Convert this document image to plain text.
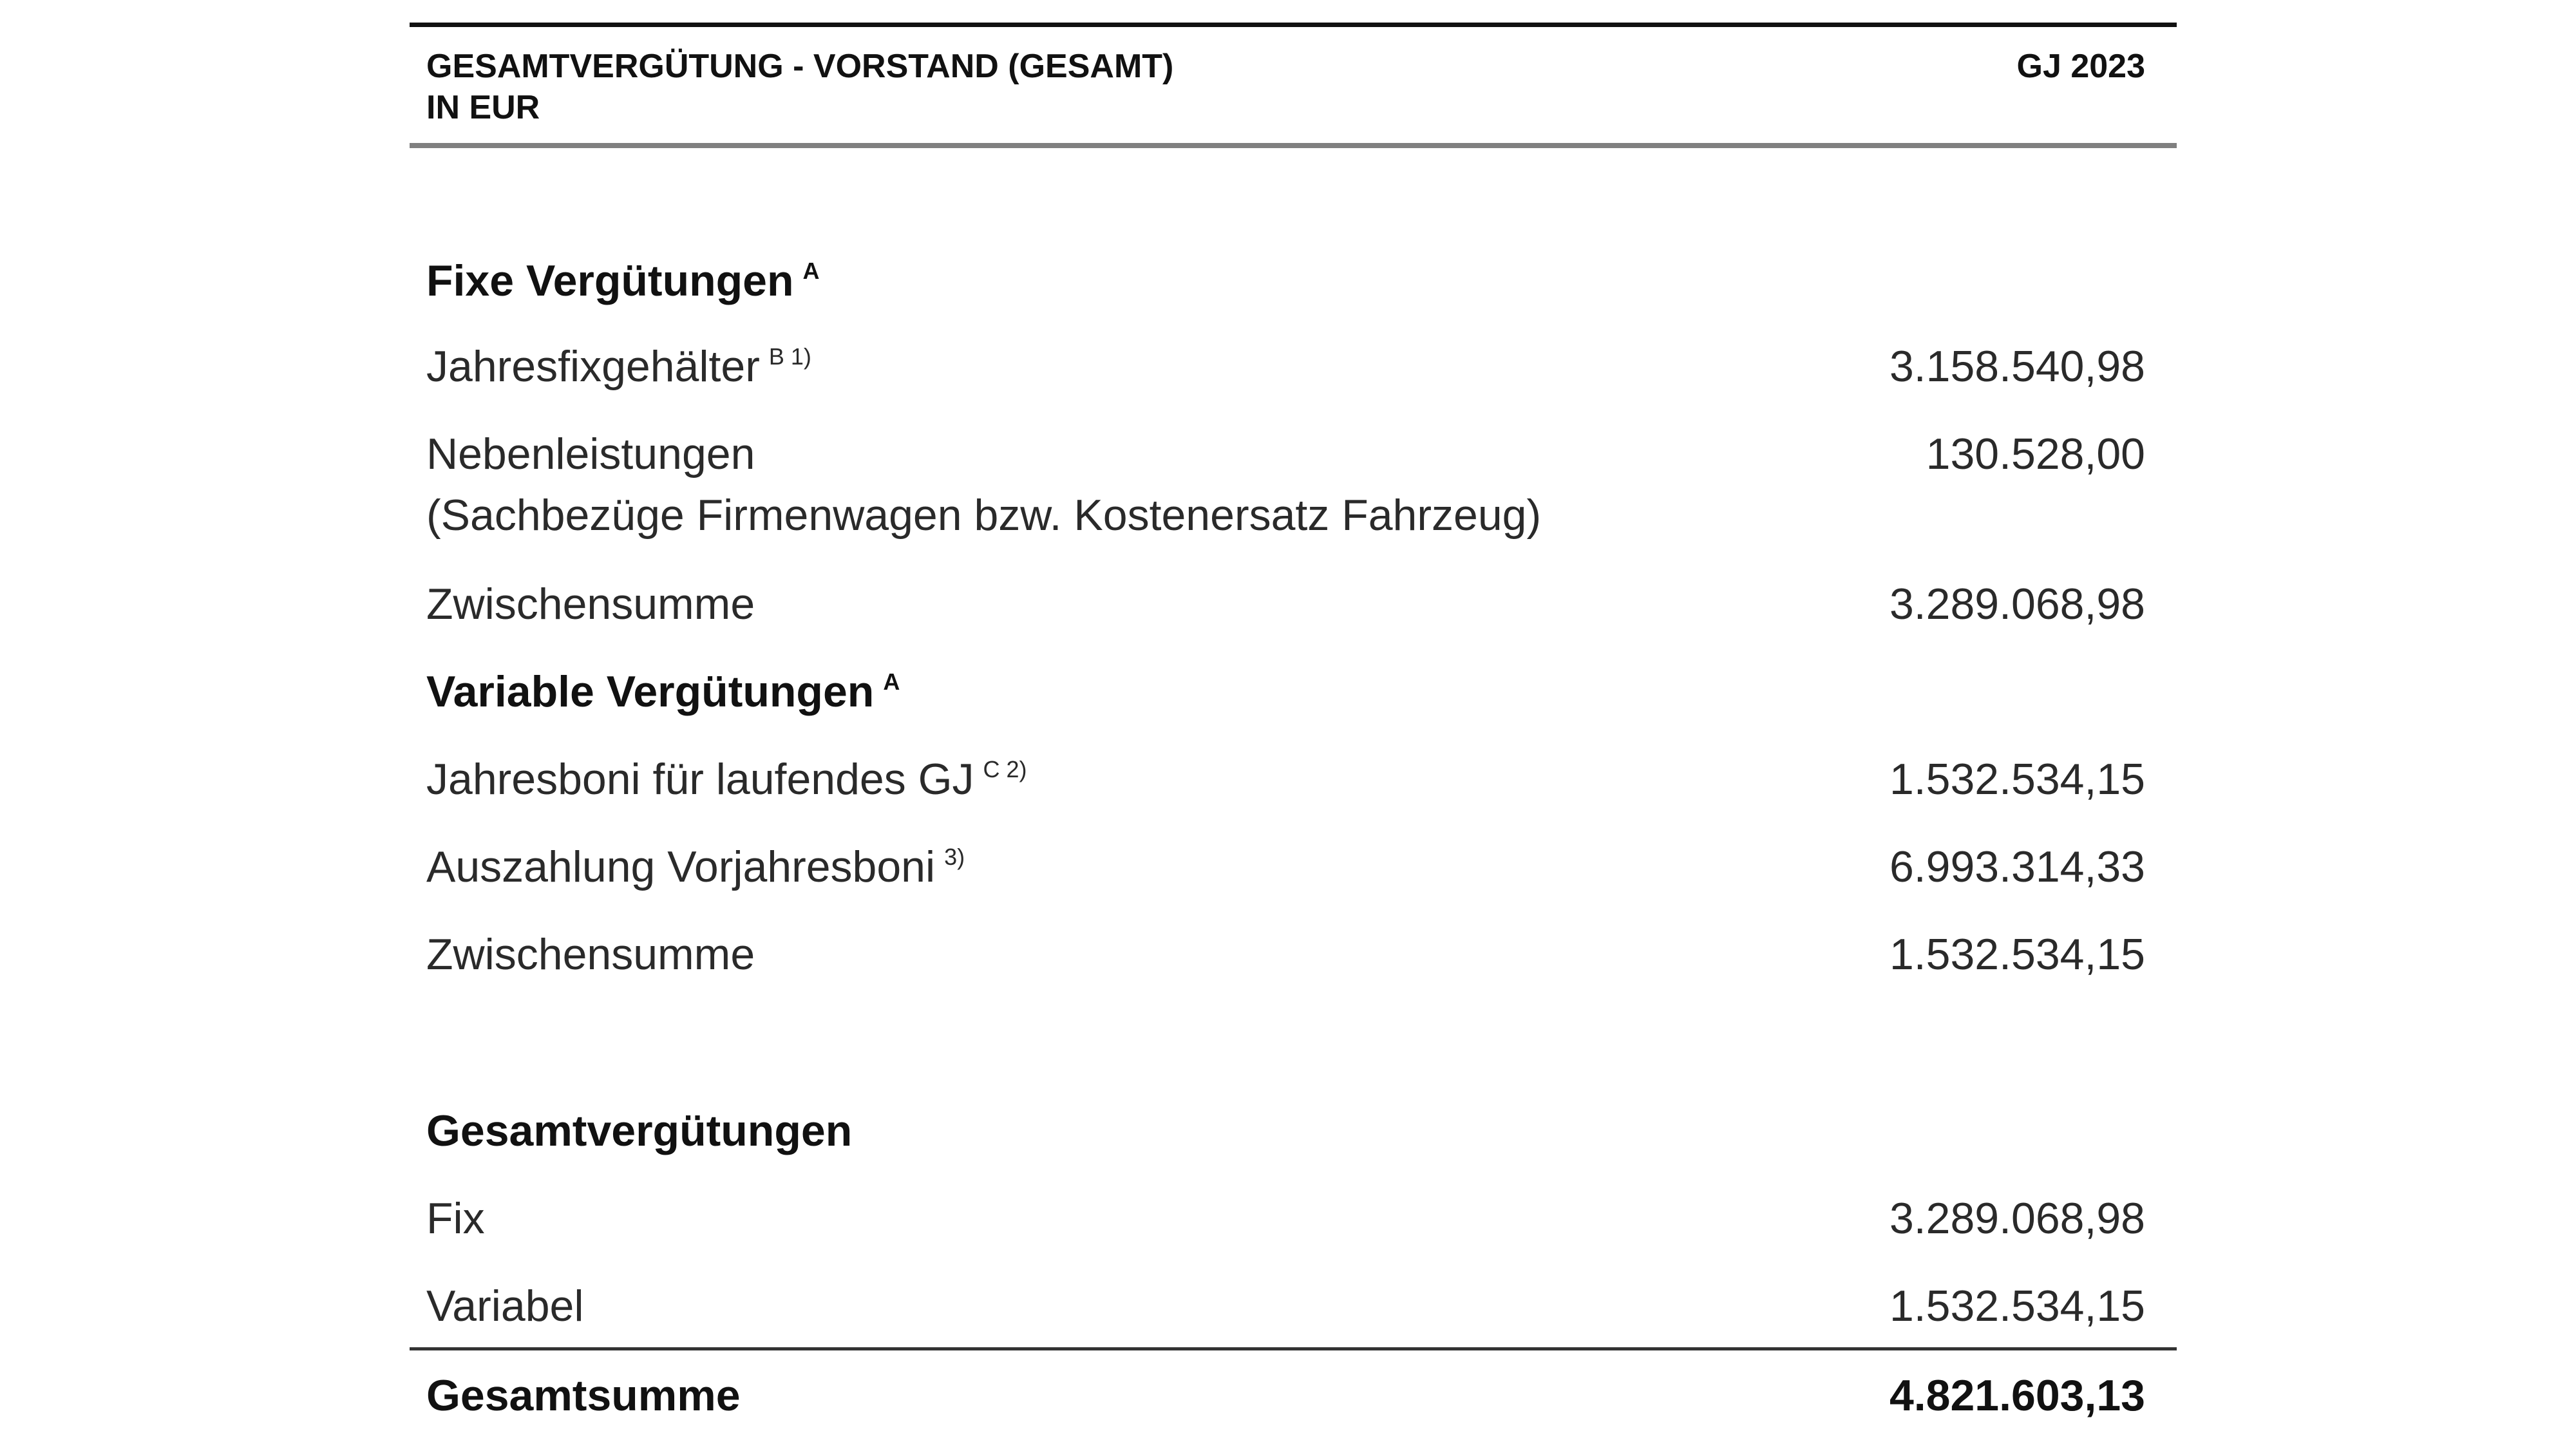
GESAMTVERGÜTUNG - VORSTAND (GESAMT)
IN EUR
GJ 2023
Fixe Vergütungen $^A$
Jahresfixgehälter $^{B 1)}$	3.158.540,98
Nebenleistungen	130.528,00
(Sachbezüge Firmenwagen bzw. Kostenersatz Fahrzeug)
Zwischensumme	3.289.068,98
Variable Vergütungen $^A$
Jahresboni für laufendes GJ $^{C 2)}$	1.532.534,15
Auszahlung Vorjahresboni $^{3)}$	6.993.314,33
Zwischensumme	1.532.534,15
Gesamtvergütungen
Fix	3.289.068,98
Variabel	1.532.534,15
Gesamtsumme	4.821.603,13
